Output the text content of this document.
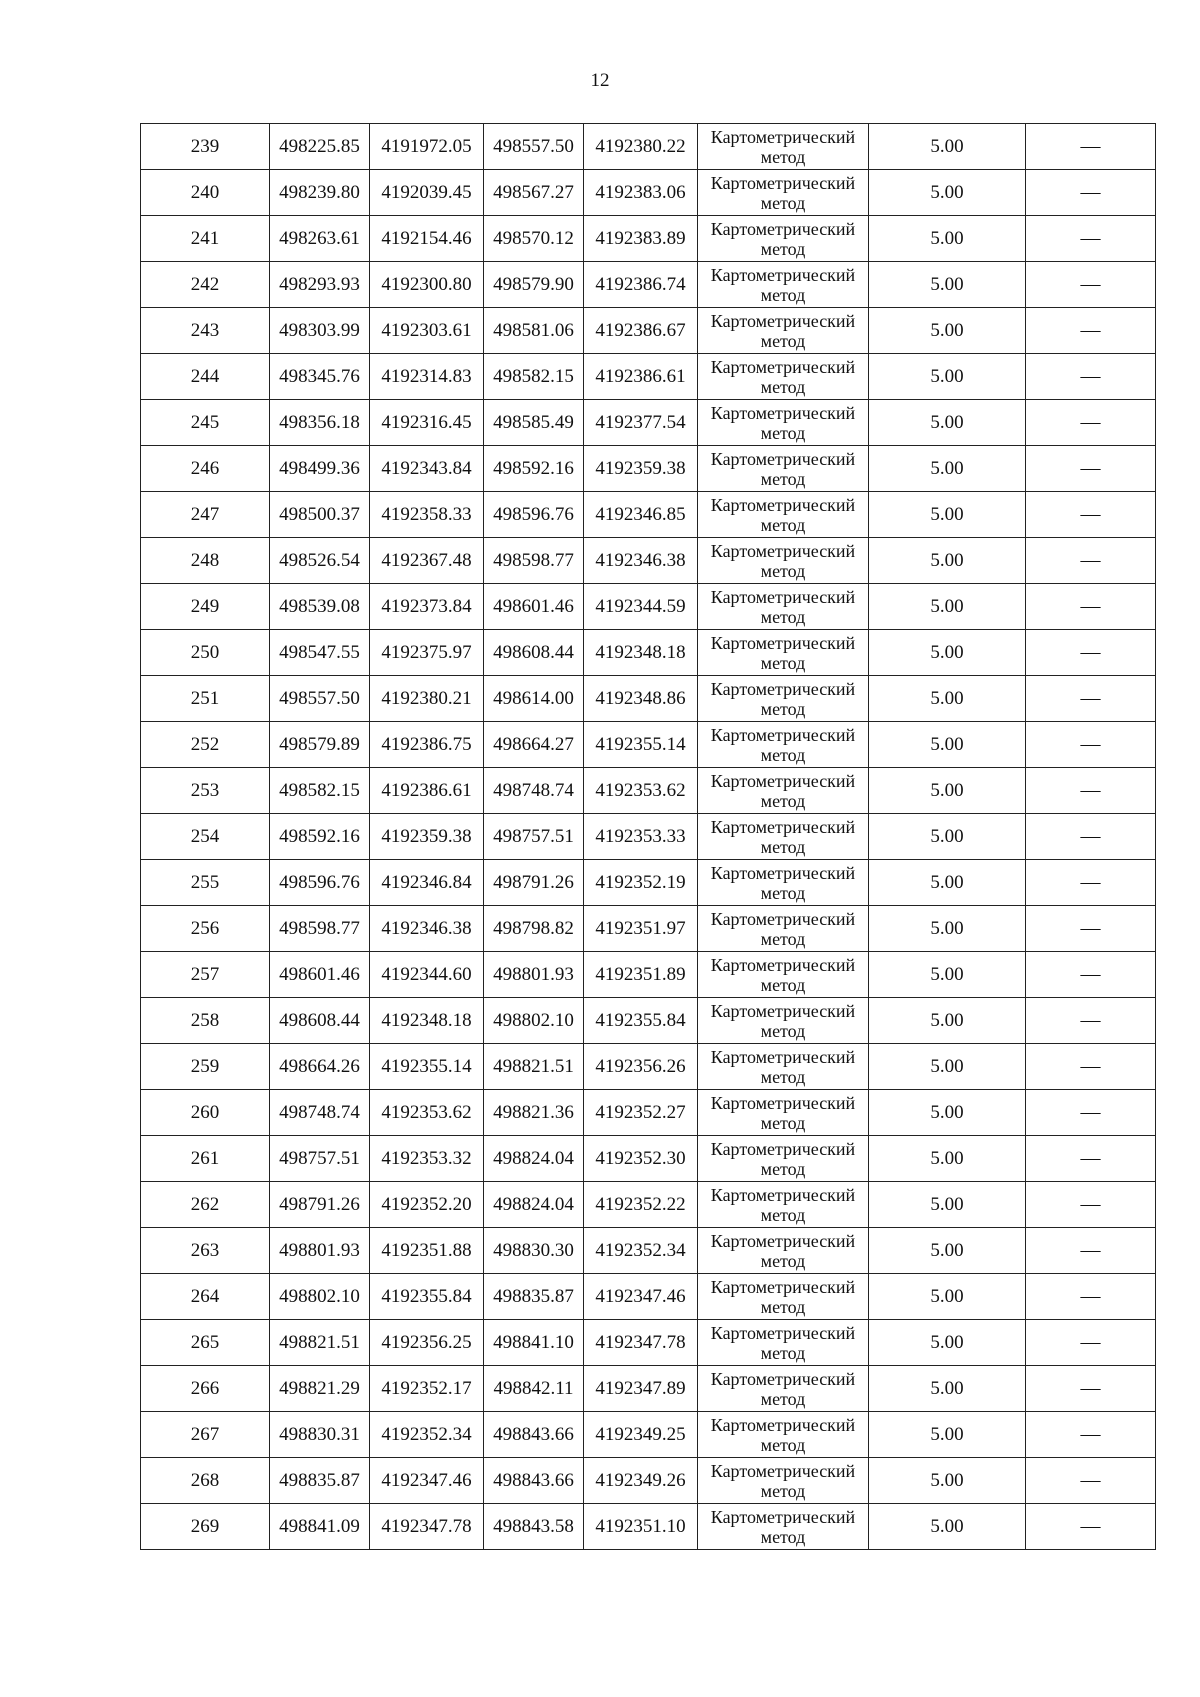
12
239	498225.85	4191972.05	498557.50	4192380.22	Картометрический
метод	5.00	—
240	498239.80	4192039.45	498567.27	4192383.06	Картометрический
метод	5.00	—
241	498263.61	4192154.46	498570.12	4192383.89	Картометрический
метод	5.00	—
242	498293.93	4192300.80	498579.90	4192386.74	Картометрический
метод	5.00	—
243	498303.99	4192303.61	498581.06	4192386.67	Картометрический
метод	5.00	—
244	498345.76	4192314.83	498582.15	4192386.61	Картометрический
метод	5.00	—
245	498356.18	4192316.45	498585.49	4192377.54	Картометрический
метод	5.00	—
246	498499.36	4192343.84	498592.16	4192359.38	Картометрический
метод	5.00	—
247	498500.37	4192358.33	498596.76	4192346.85	Картометрический
метод	5.00	—
248	498526.54	4192367.48	498598.77	4192346.38	Картометрический
метод	5.00	—
249	498539.08	4192373.84	498601.46	4192344.59	Картометрический
метод	5.00	—
250	498547.55	4192375.97	498608.44	4192348.18	Картометрический
метод	5.00	—
251	498557.50	4192380.21	498614.00	4192348.86	Картометрический
метод	5.00	—
252	498579.89	4192386.75	498664.27	4192355.14	Картометрический
метод	5.00	—
253	498582.15	4192386.61	498748.74	4192353.62	Картометрический
метод	5.00	—
254	498592.16	4192359.38	498757.51	4192353.33	Картометрический
метод	5.00	—
255	498596.76	4192346.84	498791.26	4192352.19	Картометрический
метод	5.00	—
256	498598.77	4192346.38	498798.82	4192351.97	Картометрический
метод	5.00	—
257	498601.46	4192344.60	498801.93	4192351.89	Картометрический
метод	5.00	—
258	498608.44	4192348.18	498802.10	4192355.84	Картометрический
метод	5.00	—
259	498664.26	4192355.14	498821.51	4192356.26	Картометрический
метод	5.00	—
260	498748.74	4192353.62	498821.36	4192352.27	Картометрический
метод	5.00	—
261	498757.51	4192353.32	498824.04	4192352.30	Картометрический
метод	5.00	—
262	498791.26	4192352.20	498824.04	4192352.22	Картометрический
метод	5.00	—
263	498801.93	4192351.88	498830.30	4192352.34	Картометрический
метод	5.00	—
264	498802.10	4192355.84	498835.87	4192347.46	Картометрический
метод	5.00	—
265	498821.51	4192356.25	498841.10	4192347.78	Картометрический
метод	5.00	—
266	498821.29	4192352.17	498842.11	4192347.89	Картометрический
метод	5.00	—
267	498830.31	4192352.34	498843.66	4192349.25	Картометрический
метод	5.00	—
268	498835.87	4192347.46	498843.66	4192349.26	Картометрический
метод	5.00	—
269	498841.09	4192347.78	498843.58	4192351.10	Картометрический
метод	5.00	—
